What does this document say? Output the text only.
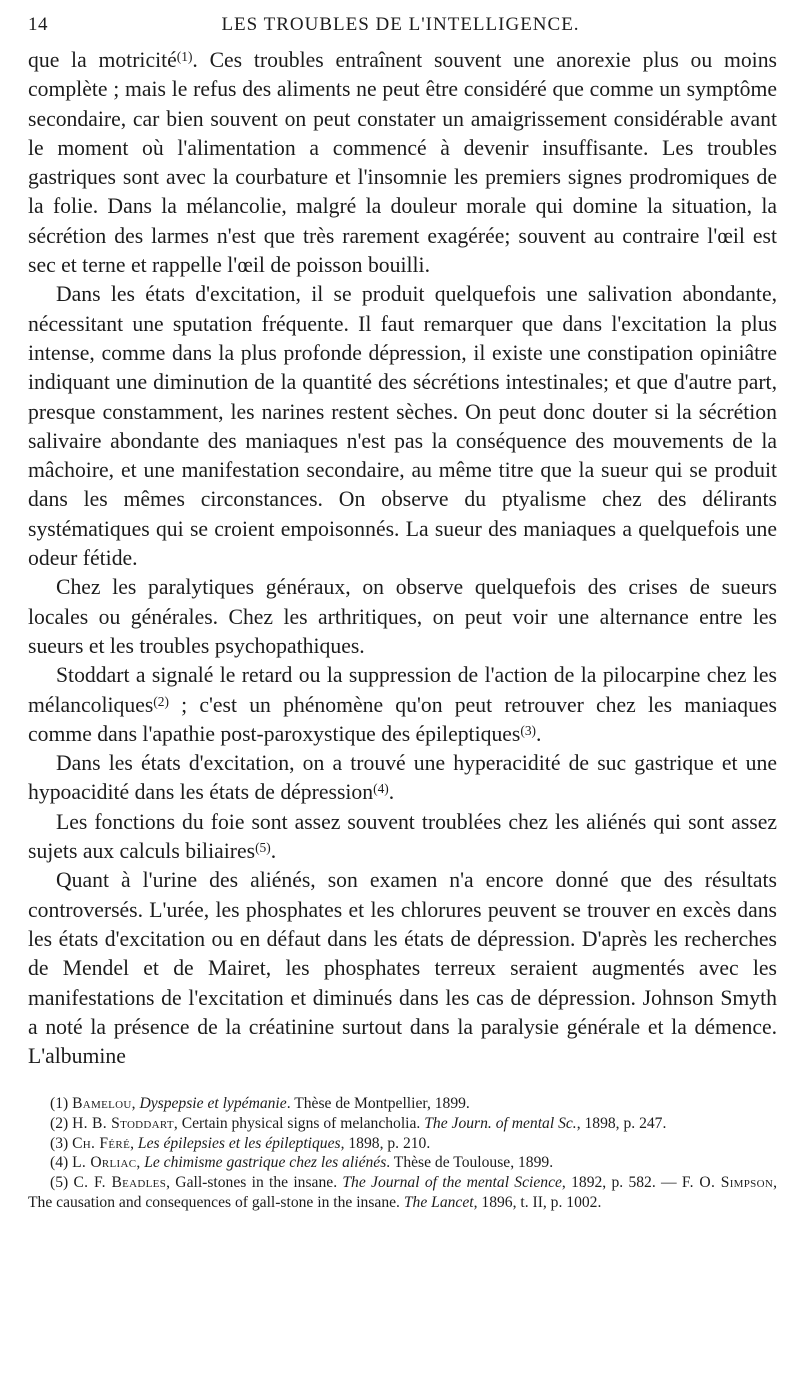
14	LES TROUBLES DE L'INTELLIGENCE.

que la motricité$^{(1)}$. Ces troubles entraînent souvent une anorexie plus ou moins complète ; mais le refus des aliments ne peut être considéré que comme un symptôme secondaire, car bien souvent on peut constater un amaigrissement considérable avant le moment où l'alimentation a commencé à devenir insuffisante. Les troubles gastriques sont avec la courbature et l'insomnie les premiers signes prodromiques de la folie. Dans la mélancolie, malgré la douleur morale qui domine la situation, la sécrétion des larmes n'est que très rarement exagérée; souvent au contraire l'œil est sec et terne et rappelle l'œil de poisson bouilli.

Dans les états d'excitation, il se produit quelquefois une salivation abondante, nécessitant une sputation fréquente. Il faut remarquer que dans l'excitation la plus intense, comme dans la plus profonde dépression, il existe une constipation opiniâtre indiquant une diminution de la quantité des sécrétions intestinales; et que d'autre part, presque constamment, les narines restent sèches. On peut donc douter si la sécrétion salivaire abondante des maniaques n'est pas la conséquence des mouvements de la mâchoire, et une manifestation secondaire, au même titre que la sueur qui se produit dans les mêmes circonstances. On observe du ptyalisme chez des délirants systématiques qui se croient empoisonnés. La sueur des maniaques a quelquefois une odeur fétide.

Chez les paralytiques généraux, on observe quelquefois des crises de sueurs locales ou générales. Chez les arthritiques, on peut voir une alternance entre les sueurs et les troubles psychopathiques.

Stoddart a signalé le retard ou la suppression de l'action de la pilocarpine chez les mélancoliques$^{(2)}$ ; c'est un phénomène qu'on peut retrouver chez les maniaques comme dans l'apathie post-paroxystique des épileptiques$^{(3)}$.

Dans les états d'excitation, on a trouvé une hyperacidité de suc gastrique et une hypoacidité dans les états de dépression$^{(4)}$.

Les fonctions du foie sont assez souvent troublées chez les aliénés qui sont assez sujets aux calculs biliaires$^{(5)}$.

Quant à l'urine des aliénés, son examen n'a encore donné que des résultats controversés. L'urée, les phosphates et les chlorures peuvent se trouver en excès dans les états d'excitation ou en défaut dans les états de dépression. D'après les recherches de Mendel et de Mairet, les phosphates terreux seraient augmentés avec les manifestations de l'excitation et diminués dans les cas de dépression. Johnson Smyth a noté la présence de la créatinine surtout dans la paralysie générale et la démence. L'albumine

(1) Bamelou, Dyspepsie et lypémanie. Thèse de Montpellier, 1899.

(2) H. B. Stoddart, Certain physical signs of melancholia. The Journ. of mental Sc., 1898, p. 247.

(3) Ch. Féré, Les épilepsies et les épileptiques, 1898, p. 210.

(4) L. Orliac, Le chimisme gastrique chez les aliénés. Thèse de Toulouse, 1899.

(5) C. F. Beadles, Gall-stones in the insane. The Journal of the mental Science, 1892, p. 582. — F. O. Simpson, The causation and consequences of gall-stone in the insane. The Lancet, 1896, t. II, p. 1002.
